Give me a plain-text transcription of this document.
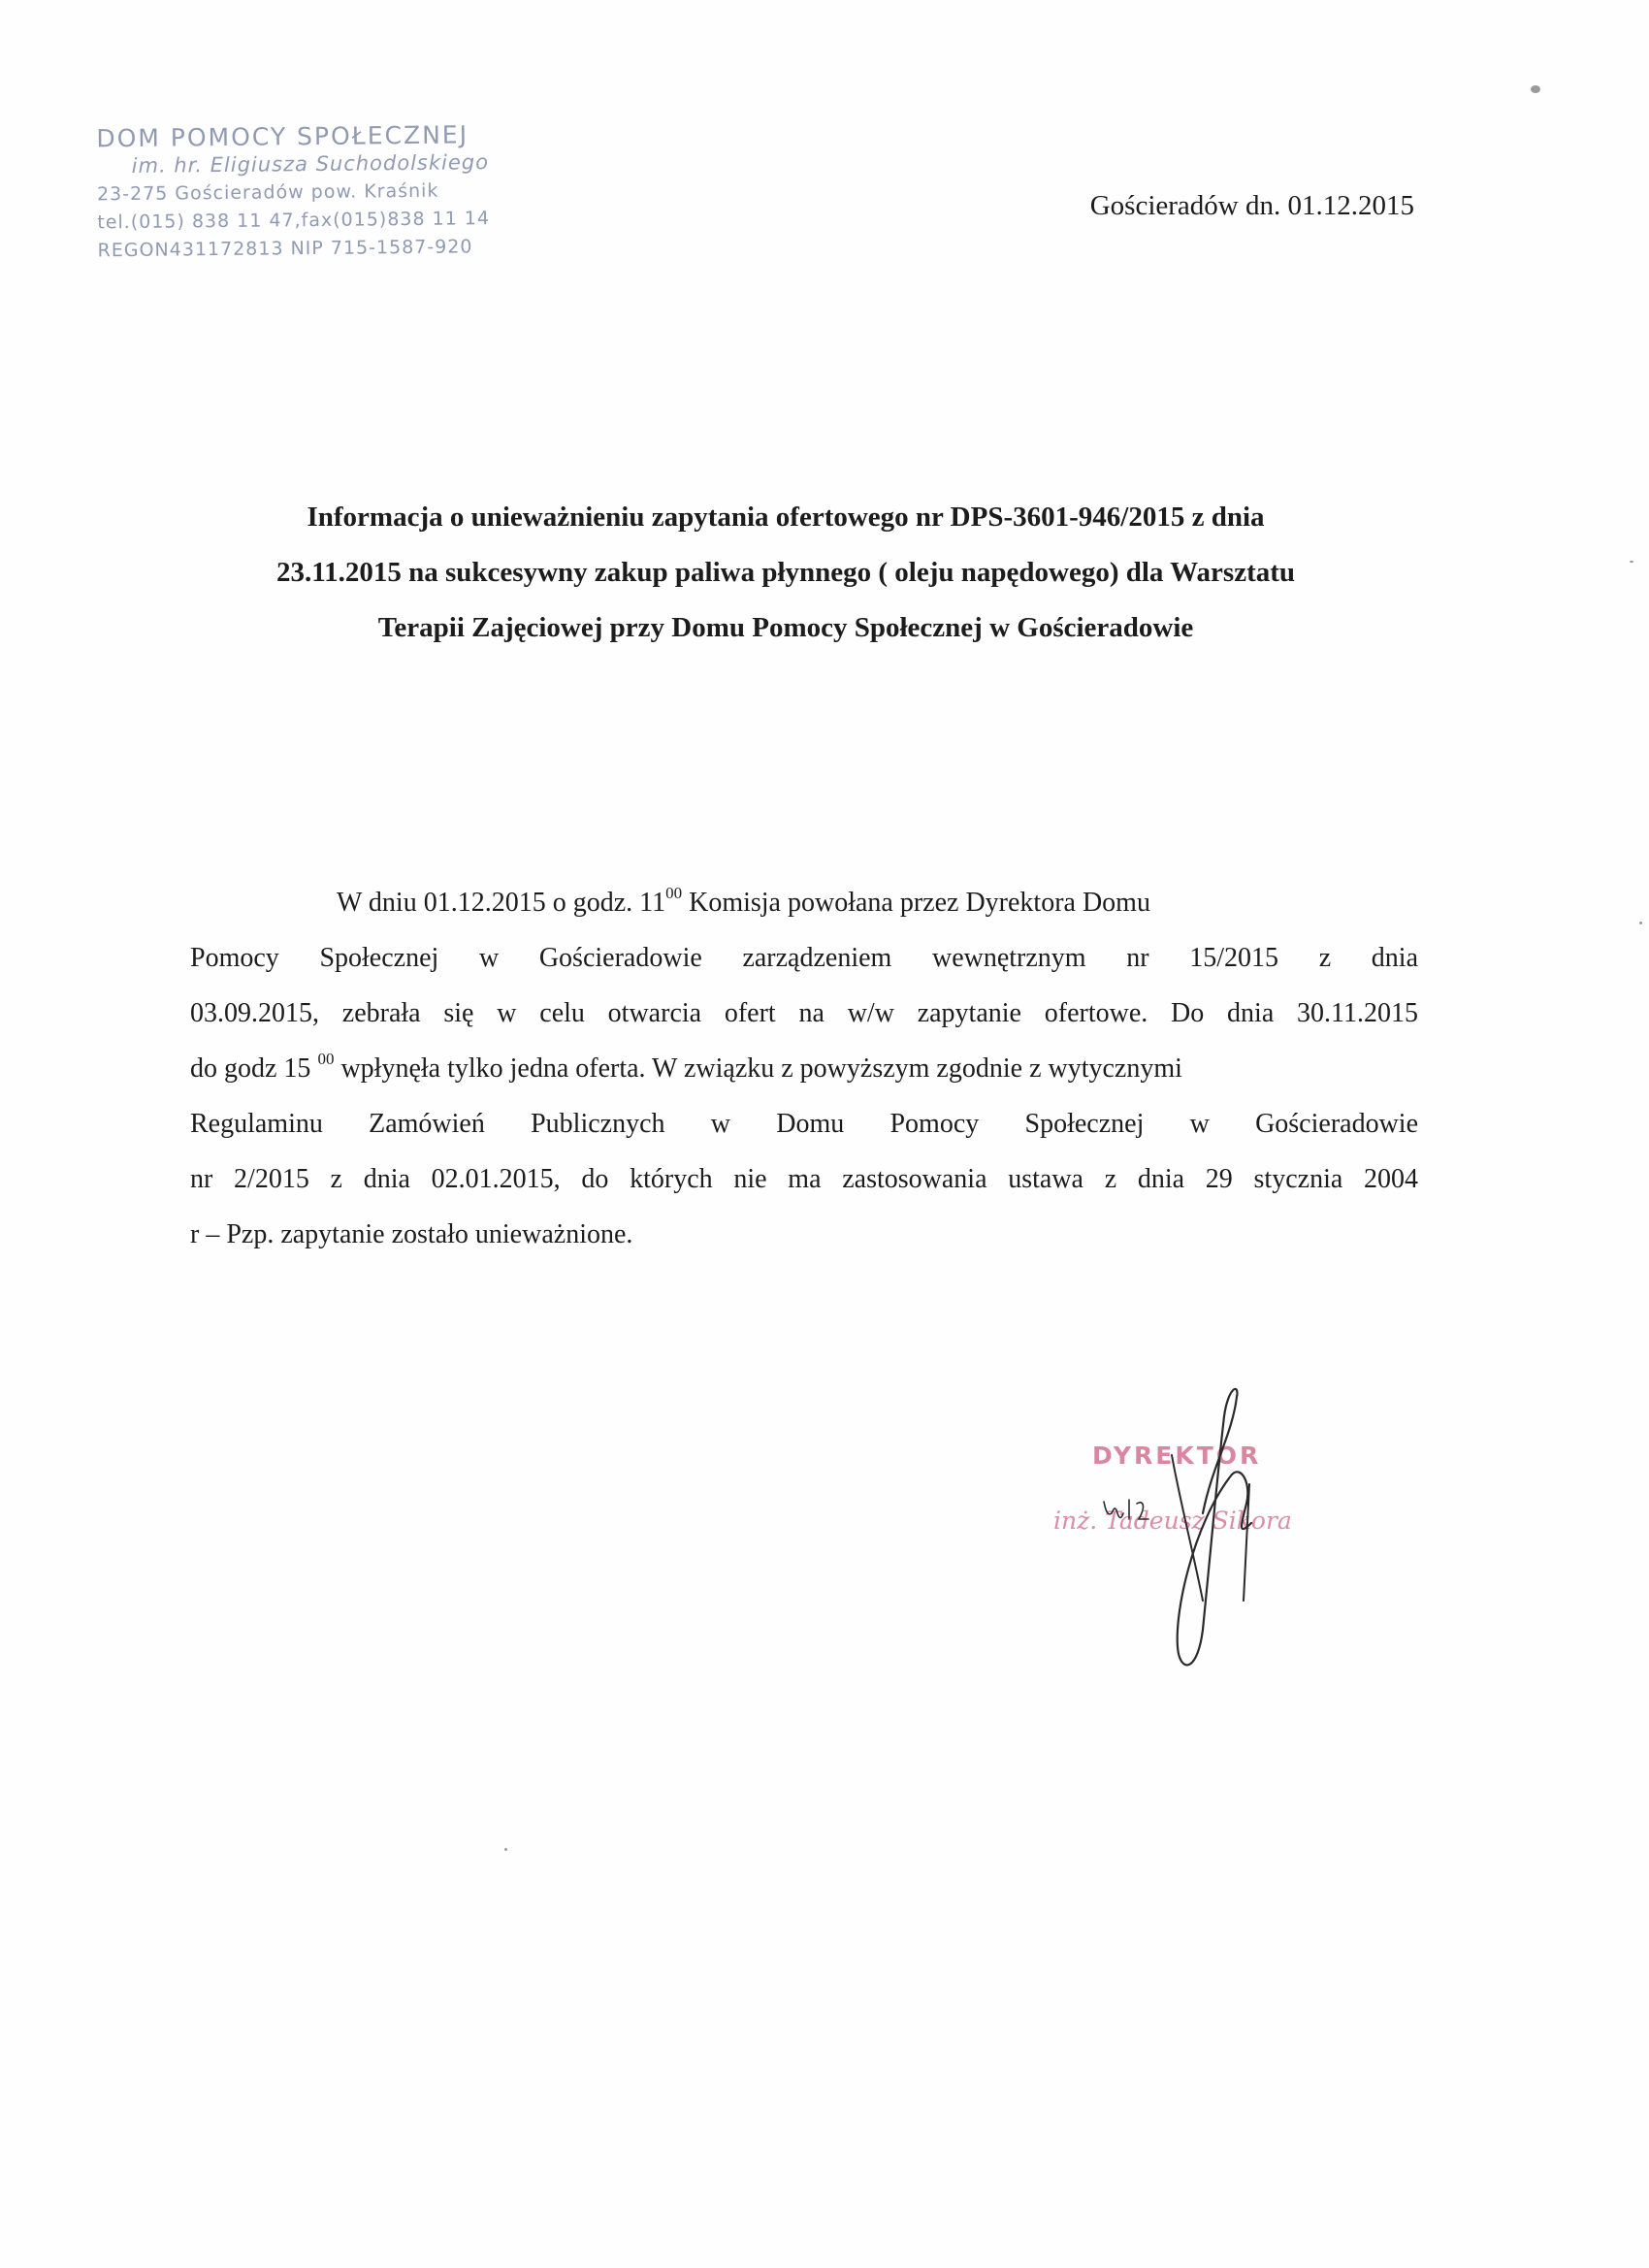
DOM POMOCY SPOŁECZNEJ
im. hr. Eligiusza Suchodolskiego
23-275 Gościeradów pow. Kraśnik
tel.(015) 838 11 47,fax(015)838 11 14
REGON431172813 NIP 715-1587-920
Gościeradów dn. 01.12.2015
Informacja o unieważnieniu zapytania ofertowego nr DPS-3601-946/2015 z dnia
23.11.2015 na sukcesywny zakup paliwa płynnego ( oleju napędowego) dla Warsztatu
Terapii Zajęciowej przy Domu Pomocy Społecznej w Gościeradowie
W dniu 01.12.2015 o godz. $11^{00}$ Komisja powołana przez Dyrektora Domu
Pomocy Społecznej w Gościeradowie zarządzeniem wewnętrznym nr 15/2015 z dnia
03.09.2015, zebrała się w celu otwarcia ofert na w/w zapytanie ofertowe. Do dnia 30.11.2015
do godz 15 $^{00}$ wpłynęła tylko jedna oferta. W związku z powyższym zgodnie z wytycznymi
Regulaminu Zamówień Publicznych w Domu Pomocy Społecznej w Gościeradowie
nr 2/2015 z dnia 02.01.2015, do których nie ma zastosowania ustawa z dnia 29 stycznia 2004
r – Pzp. zapytanie zostało unieważnione.
DYREKTOR
inż. Tadeusz Sikora
